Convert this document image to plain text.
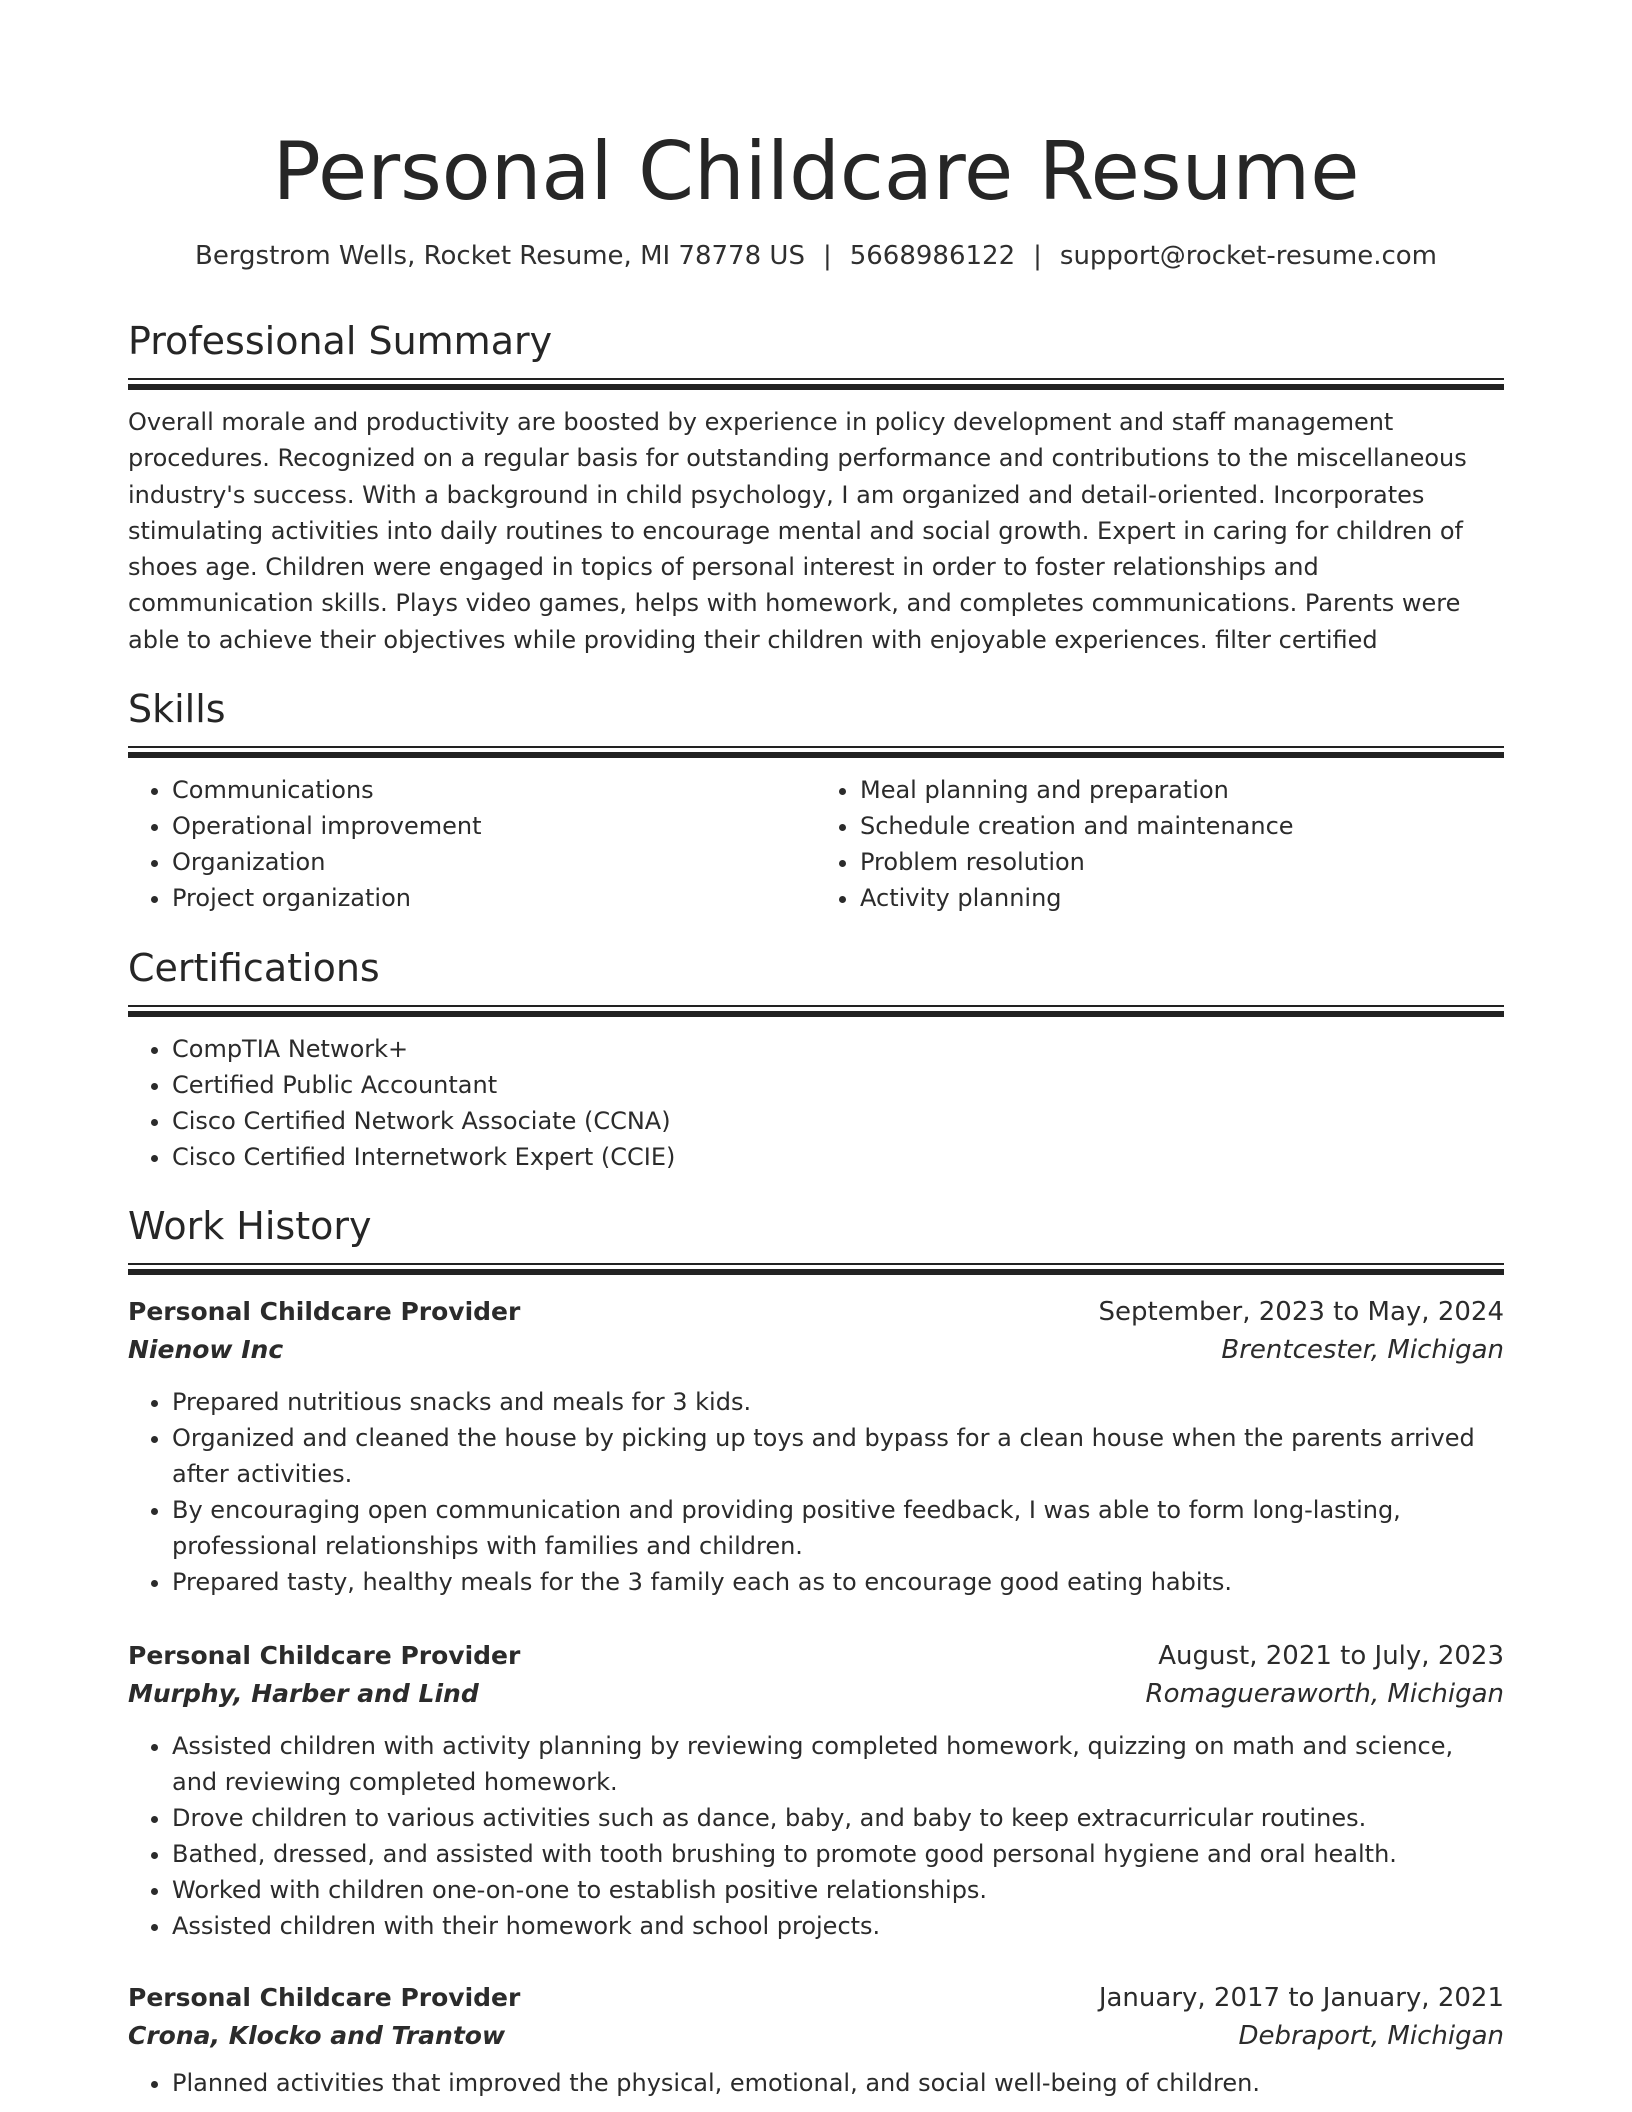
Personal Childcare Resume
Bergstrom Wells, Rocket Resume, MI 78778 US | 5668986122 | support@rocket-resume.com
Professional Summary

Overall morale and productivity are boosted by experience in policy development and staff management procedures. Recognized on a regular basis for outstanding performance and contributions to the miscellaneous industry's success. With a background in child psychology, I am organized and detail-oriented. Incorporates stimulating activities into daily routines to encourage mental and social growth. Expert in caring for children of shoes age. Children were engaged in topics of personal interest in order to foster relationships and communication skills. Plays video games, helps with homework, and completes communications. Parents were able to achieve their objectives while providing their children with enjoyable experiences. filter certified

Skills
• Communications
• Operational improvement
• Organization
• Project organization
• Meal planning and preparation
• Schedule creation and maintenance
• Problem resolution
• Activity planning
Certifications
• CompTIA Network+
• Certified Public Accountant
• Cisco Certified Network Associate (CCNA)
• Cisco Certified Internetwork Expert (CCIE)
Work History
Personal Childcare Provider	September, 2023 to May, 2024
Nienow Inc	Brentcester, Michigan
• Prepared nutritious snacks and meals for 3 kids.
• Organized and cleaned the house by picking up toys and bypass for a clean house when the parents arrived after activities.
• By encouraging open communication and providing positive feedback, I was able to form long-lasting, professional relationships with families and children.
• Prepared tasty, healthy meals for the 3 family each as to encourage good eating habits.
Personal Childcare Provider	August, 2021 to July, 2023
Murphy, Harber and Lind	Romagueraworth, Michigan
• Assisted children with activity planning by reviewing completed homework, quizzing on math and science, and reviewing completed homework.
• Drove children to various activities such as dance, baby, and baby to keep extracurricular routines.
• Bathed, dressed, and assisted with tooth brushing to promote good personal hygiene and oral health.
• Worked with children one-on-one to establish positive relationships.
• Assisted children with their homework and school projects.
Personal Childcare Provider	January, 2017 to January, 2021
Crona, Klocko and Trantow	Debraport, Michigan
• Planned activities that improved the physical, emotional, and social well-being of children.
